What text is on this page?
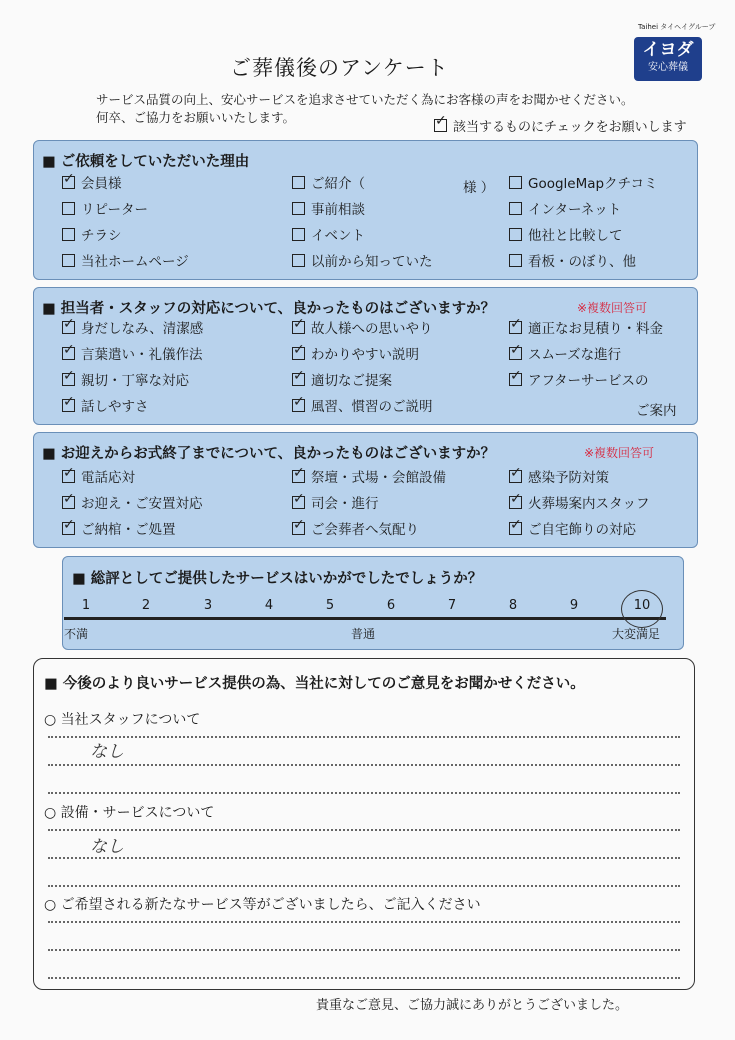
Taihei タイヘイグループ
イヨダ
安心葬儀
ご葬儀後のアンケート
サービス品質の向上、安心サービスを追求させていただく為にお客様の声をお聞かせください。
何卒、ご協力をお願いいたします。
✓該当するものにチェックをお願いします
■ ご依頼をしていただいた理由
✓会員様	ご紹介（	様 ）	GoogleMapクチコミ
リピーター	事前相談	インターネット
チラシ	イベント	他社と比較して
当社ホームページ	以前から知っていた	看板・のぼり、他
■ 担当者・スタッフの対応について、良かったものはございますか？	※複数回答可
✓身だしなみ、清潔感 ✓	故人様への思いやり ✓	適正なお見積り・料金
✓言葉遣い・礼儀作法 ✓	わかりやすい説明 ✓	スムーズな進行
✓親切・丁寧な対応 ✓	適切なご提案 ✓	アフターサービスの
✓話しやすさ ✓	風習、慣習のご説明	ご案内
■ お迎えからお式終了までについて、良かったものはございますか？	※複数回答可
✓電話応対 ✓	祭壇・式場・会館設備 ✓	感染予防対策
✓お迎え・ご安置対応 ✓	司会・進行 ✓	火葬場案内スタッフ
✓ご納棺・ご処置 ✓	ご会葬者へ気配り ✓	ご自宅飾りの対応
■ 総評としてご提供したサービスはいかがでしたでしょうか？
1	2	3	4	5	6	7	8	9	10
不満	普通	大変満足
■ 今後のより良いサービス提供の為、当社に対してのご意見をお聞かせください。
○ 当社スタッフについて
なし
○ 設備・サービスについて
なし
○ ご希望される新たなサービス等がございましたら、ご記入ください
貴重なご意見、ご協力誠にありがとうございました。
